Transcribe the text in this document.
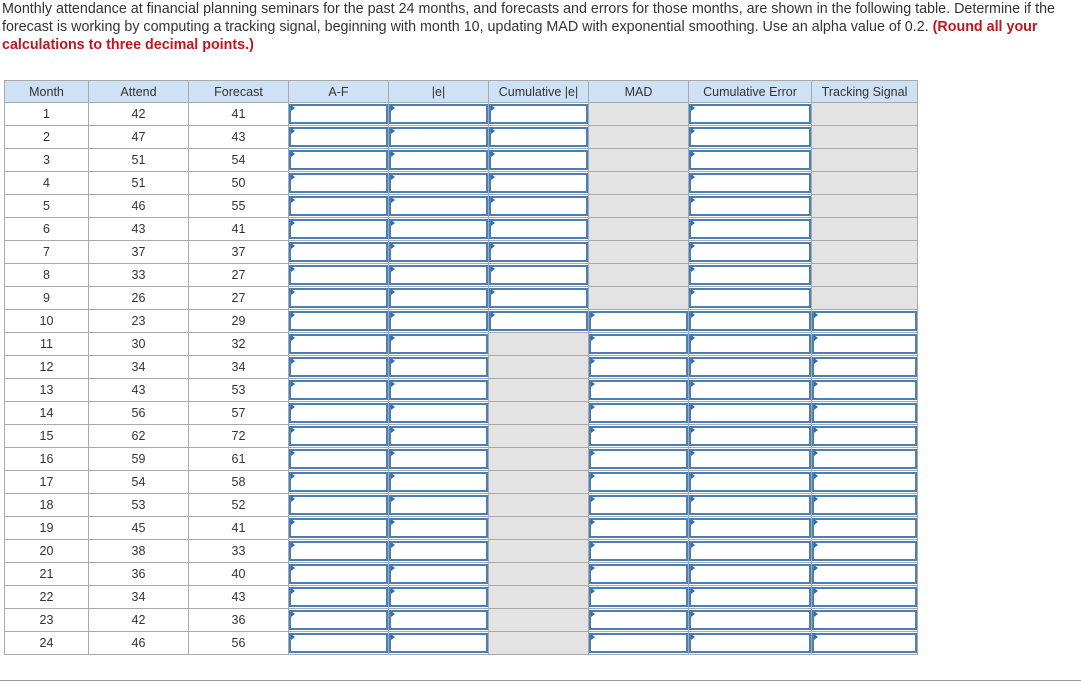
Monthly attendance at financial planning seminars for the past 24 months, and forecasts and errors for those months, are shown in the following table. Determine if the forecast is working by computing a tracking signal, beginning with month 10, updating MAD with exponential smoothing. Use an alpha value of 0.2. (Round all your calculations to three decimal points.)
Month	Attend	Forecast	A-F	|e|	Cumulative |e|	MAD	Cumulative Error	Tracking Signal
1	42	41	

2	47	43	

3	51	54	

4	51	50	

5	46	55	

6	43	41	

7	37	37	

8	33	27	

9	26	27	

10	23	29	

11	30	32	

12	34	34	

13	43	53	

14	56	57	

15	62	72	

16	59	61	

17	54	58	

18	53	52	

19	45	41	

20	38	33	

21	36	40	

22	34	43	

23	42	36	

24	46	56	
